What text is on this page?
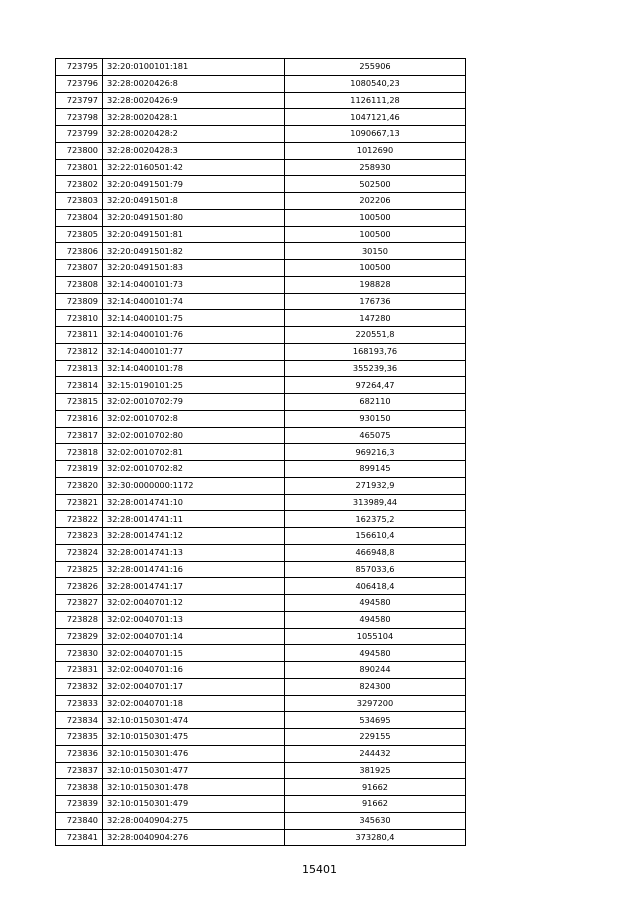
723795	32:20:0100101:181	255906
723796	32:28:0020426:8	1080540,23
723797	32:28:0020426:9	1126111,28
723798	32:28:0020428:1	1047121,46
723799	32:28:0020428:2	1090667,13
723800	32:28:0020428:3	1012690
723801	32:22:0160501:42	258930
723802	32:20:0491501:79	502500
723803	32:20:0491501:8	202206
723804	32:20:0491501:80	100500
723805	32:20:0491501:81	100500
723806	32:20:0491501:82	30150
723807	32:20:0491501:83	100500
723808	32:14:0400101:73	198828
723809	32:14:0400101:74	176736
723810	32:14:0400101:75	147280
723811	32:14:0400101:76	220551,8
723812	32:14:0400101:77	168193,76
723813	32:14:0400101:78	355239,36
723814	32:15:0190101:25	97264,47
723815	32:02:0010702:79	682110
723816	32:02:0010702:8	930150
723817	32:02:0010702:80	465075
723818	32:02:0010702:81	969216,3
723819	32:02:0010702:82	899145
723820	32:30:0000000:1172	271932,9
723821	32:28:0014741:10	313989,44
723822	32:28:0014741:11	162375,2
723823	32:28:0014741:12	156610,4
723824	32:28:0014741:13	466948,8
723825	32:28:0014741:16	857033,6
723826	32:28:0014741:17	406418,4
723827	32:02:0040701:12	494580
723828	32:02:0040701:13	494580
723829	32:02:0040701:14	1055104
723830	32:02:0040701:15	494580
723831	32:02:0040701:16	890244
723832	32:02:0040701:17	824300
723833	32:02:0040701:18	3297200
723834	32:10:0150301:474	534695
723835	32:10:0150301:475	229155
723836	32:10:0150301:476	244432
723837	32:10:0150301:477	381925
723838	32:10:0150301:478	91662
723839	32:10:0150301:479	91662
723840	32:28:0040904:275	345630
723841	32:28:0040904:276	373280,4
15401
